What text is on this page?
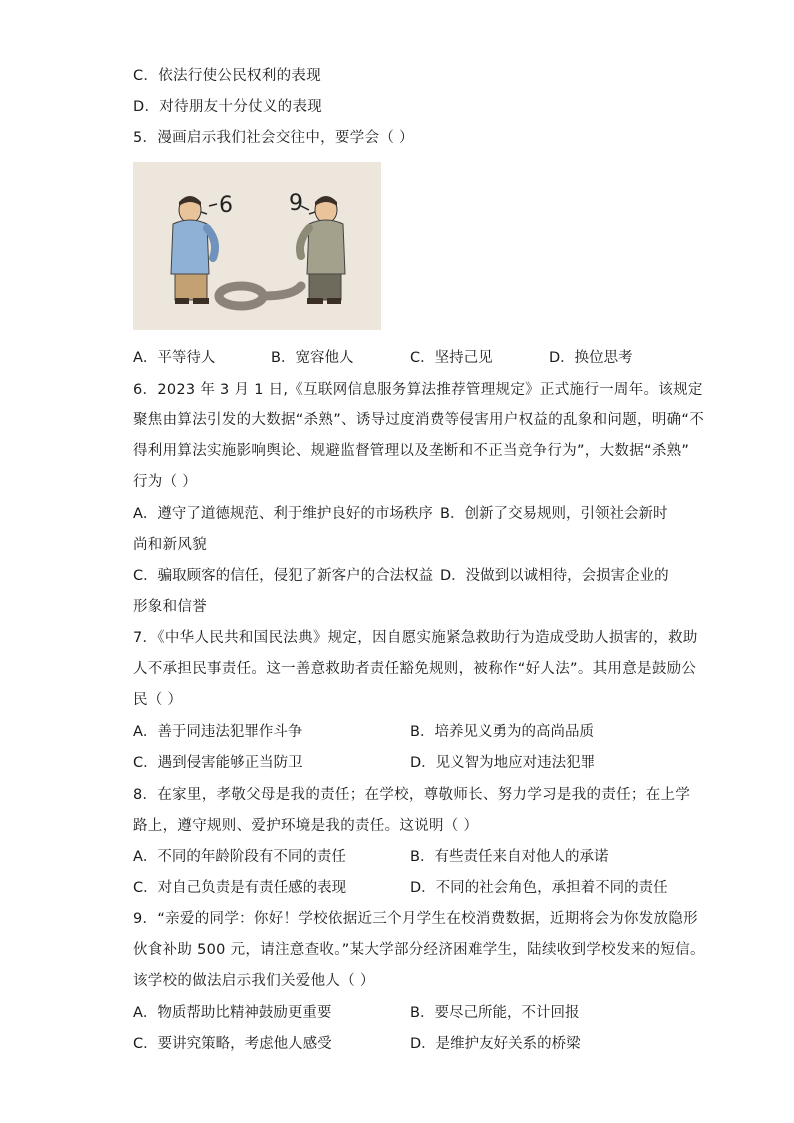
C．依法行使公民权利的表现
D．对待朋友十分仗义的表现
5．漫画启示我们社会交往中，要学会（ ）
6	9
A．平等待人	B．宽容他人	C．坚持己见	D．换位思考
6．2023 年 3 月 1 日,《互联网信息服务算法推荐管理规定》正式施行一周年。该规定
聚焦由算法引发的大数据“杀熟”、诱导过度消费等侵害用户权益的乱象和问题，明确“不
得利用算法实施影响舆论、规避监督管理以及垄断和不正当竞争行为”，大数据“杀熟”
行为（ ）
A．遵守了道德规范、利于维护良好的市场秩序 B．创新了交易规则，引领社会新时
尚和新风貌
C．骗取顾客的信任，侵犯了新客户的合法权益 D．没做到以诚相待，会损害企业的
形象和信誉
7．《中华人民共和国民法典》规定，因自愿实施紧急救助行为造成受助人损害的，救助
人不承担民事责任。这一善意救助者责任豁免规则，被称作“好人法”。其用意是鼓励公
民（ ）
A．善于同违法犯罪作斗争	B．培养见义勇为的高尚品质
C．遇到侵害能够正当防卫	D．见义智为地应对违法犯罪
8．在家里，孝敬父母是我的责任；在学校，尊敬师长、努力学习是我的责任；在上学
路上，遵守规则、爱护环境是我的责任。这说明（ ）
A．不同的年龄阶段有不同的责任	B．有些责任来自对他人的承诺
C．对自己负责是有责任感的表现	D．不同的社会角色，承担着不同的责任
9．“亲爱的同学：你好！学校依据近三个月学生在校消费数据，近期将会为你发放隐形
伙食补助 500 元，请注意查收。”某大学部分经济困难学生，陆续收到学校发来的短信。
该学校的做法启示我们关爱他人（ ）
A．物质帮助比精神鼓励更重要	B．要尽己所能，不计回报
C．要讲究策略，考虑他人感受	D．是维护友好关系的桥梁
